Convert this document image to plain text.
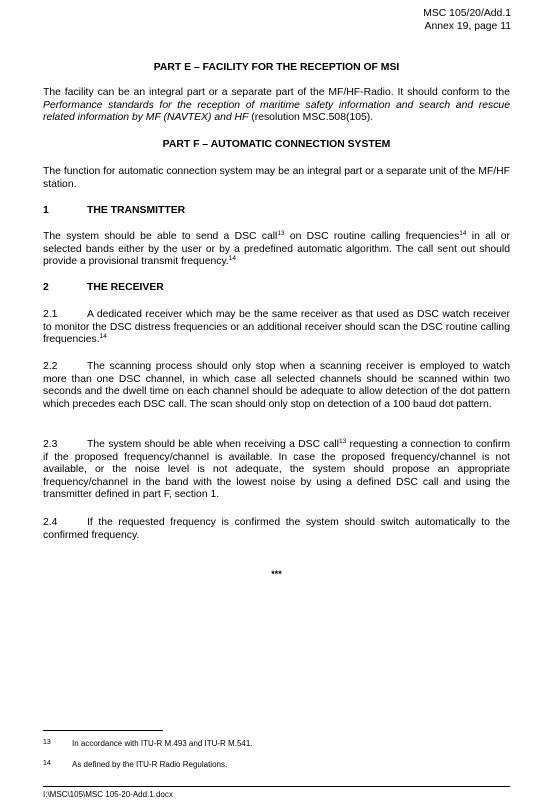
MSC 105/20/Add.1
Annex 19, page 11
PART E – FACILITY FOR THE RECEPTION OF MSI
The facility can be an integral part or a separate part of the MF/HF-Radio. It should conform to the Performance standards for the reception of maritime safety information and search and rescue related information by MF (NAVTEX) and HF (resolution MSC.508(105).
PART F – AUTOMATIC CONNECTION SYSTEM
The function for automatic connection system may be an integral part or a separate unit of the MF/HF station.
1	THE TRANSMITTER
The system should be able to send a DSC call$^{13}$ on DSC routine calling frequencies$^{14}$ in all or selected bands either by the user or by a predefined automatic algorithm. The call sent out should provide a provisional transmit frequency.$^{14}$
2	THE RECEIVER
2.1	A dedicated receiver which may be the same receiver as that used as DSC watch receiver to monitor the DSC distress frequencies or an additional receiver should scan the DSC routine calling frequencies.$^{14}$
2.2	The scanning process should only stop when a scanning receiver is employed to watch more than one DSC channel, in which case all selected channels should be scanned within two seconds and the dwell time on each channel should be adequate to allow detection of the dot pattern which precedes each DSC call. The scan should only stop on detection of a 100 baud dot pattern.
2.3	The system should be able when receiving a DSC call$^{13}$ requesting a connection to confirm if the proposed frequency/channel is available. In case the proposed frequency/channel is not available, or the noise level is not adequate, the system should propose an appropriate frequency/channel in the band with the lowest noise by using a defined DSC call and using the transmitter defined in part F, section 1.
2.4	If the requested frequency is confirmed the system should switch automatically to the confirmed frequency.
***
13	In accordance with ITU-R M.493 and ITU-R M.541.
14	As defined by the ITU-R Radio Regulations.
I:\MSC\105\MSC 105-20-Add.1.docx
